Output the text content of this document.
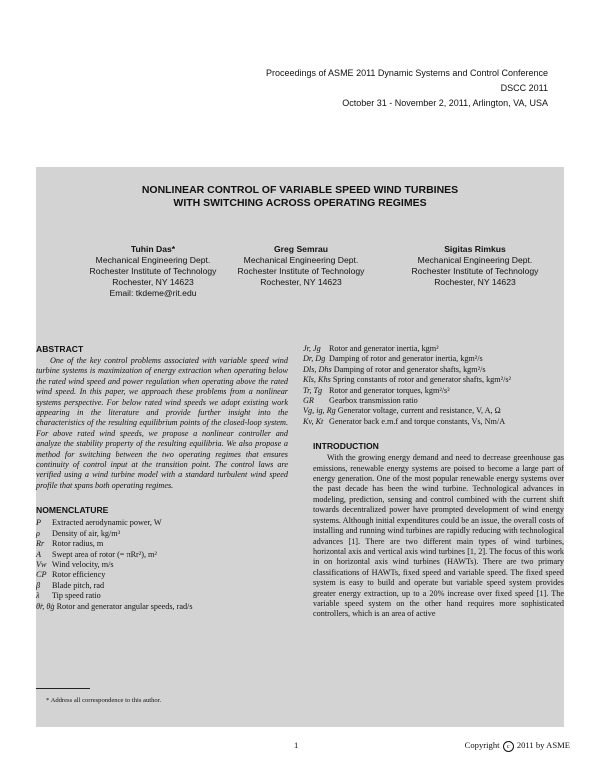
Proceedings of ASME 2011 Dynamic Systems and Control Conference
DSCC 2011
October 31 - November 2, 2011, Arlington, VA, USA
NONLINEAR CONTROL OF VARIABLE SPEED WIND TURBINES
WITH SWITCHING ACROSS OPERATING REGIMES
Tuhin Das*
Mechanical Engineering Dept.
Rochester Institute of Technology
Rochester, NY 14623
Email: tkdeme@rit.edu
Greg Semrau
Mechanical Engineering Dept.
Rochester Institute of Technology
Rochester, NY 14623
Sigitas Rimkus
Mechanical Engineering Dept.
Rochester Institute of Technology
Rochester, NY 14623

ABSTRACT

One of the key control problems associated with variable speed wind turbine systems is maximization of energy extraction when operating below the rated wind speed and power regulation when operating above the rated wind speed. In this paper, we approach these problems from a nonlinear systems perspective. For below rated wind speeds we adopt existing work appearing in the literature and provide further insight into the characteristics of the resulting equilibrium points of the closed-loop system. For above rated wind speeds, we propose a nonlinear controller and analyze the stability property of the resulting equilibria. We also propose a method for switching between the two operating regimes that ensures continuity of control input at the transition point. The control laws are verified using a wind turbine model with a standard turbulent wind speed profile that spans both operating regimes.

NOMENCLATURE

P Extracted aerodynamic power, W
ρ Density of air, kg/m³
Rr Rotor radius, m
A Swept area of rotor (= πRr²), m²
Vw Wind velocity, m/s
CP Rotor efficiency
β Blade pitch, rad
λ Tip speed ratio
θ̇r, θ̇g Rotor and generator angular speeds, rad/s
Jr, Jg Rotor and generator inertia, kgm²
Dr, Dg Damping of rotor and generator inertia, kgm²/s
Dls, Dhs Damping of rotor and generator shafts, kgm²/s
Kls, Khs Spring constants of rotor and generator shafts, kgm²/s²
Tr, Tg Rotor and generator torques, kgm²/s²
GR Gearbox transmission ratio
Vg, ig, Rg Generator voltage, current and resistance, V, A, Ω
Kv, Kt Generator back e.m.f and torque constants, Vs, Nm/A

INTRODUCTION

With the growing energy demand and need to decrease greenhouse gas emissions, renewable energy systems are poised to become a large part of energy generation. One of the most popular renewable energy systems over the past decade has been the wind turbine. Technological advances in modeling, prediction, sensing and control combined with the current shift towards decentralized power have prompted development of wind energy systems. Although initial expenditures could be an issue, the overall costs of installing and running wind turbines are rapidly reducing with technological advances [1]. There are two different main types of wind turbines, horizontal axis and vertical axis wind turbines [1, 2]. The focus of this work in on horizontal axis wind turbines (HAWTs). There are two primary classifications of HAWTs, fixed speed and variable speed. The fixed speed system is easy to build and operate but variable speed system provides greater energy extraction, up to a 20% increase over fixed speed [1]. The variable speed system on the other hand requires more sophisticated controllers, which is an area of active

* Address all correspondence to this author.
1	Copyright c 2011 by ASME
